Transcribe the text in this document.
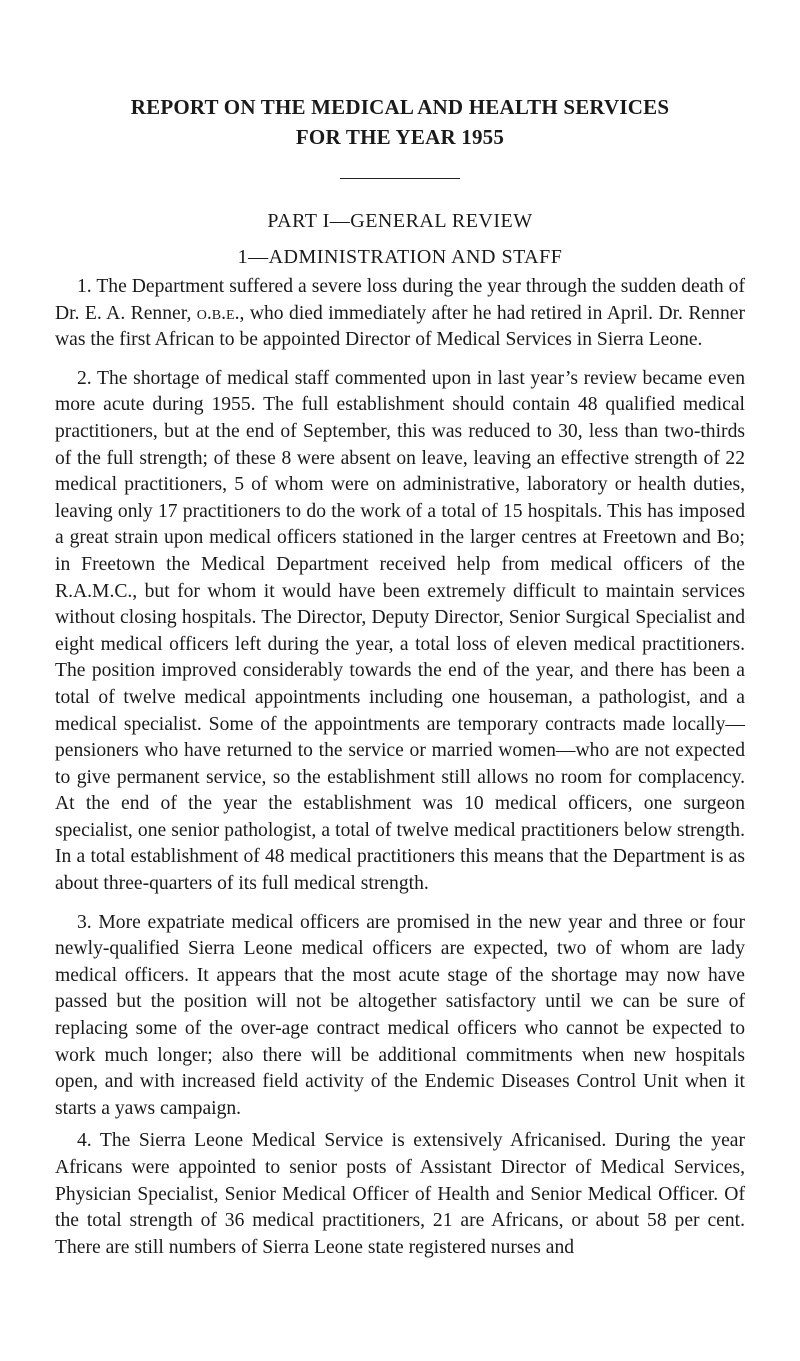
REPORT ON THE MEDICAL AND HEALTH SERVICES
FOR THE YEAR 1955
PART I—GENERAL REVIEW
1—ADMINISTRATION AND STAFF

1. The Department suffered a severe loss during the year through the sudden death of Dr. E. A. Renner, o.b.e., who died immediately after he had retired in April. Dr. Renner was the first African to be appointed Director of Medical Services in Sierra Leone.

2. The shortage of medical staff commented upon in last year’s review became even more acute during 1955. The full establishment should contain 48 qualified medical practitioners, but at the end of September, this was reduced to 30, less than two-thirds of the full strength; of these 8 were absent on leave, leaving an effective strength of 22 medical practitioners, 5 of whom were on administrative, laboratory or health duties, leaving only 17 practitioners to do the work of a total of 15 hospitals. This has imposed a great strain upon medical officers stationed in the larger centres at Freetown and Bo; in Freetown the Medical Department received help from medical officers of the R.A.M.C., but for whom it would have been extremely difficult to maintain services without closing hospitals. The Director, Deputy Director, Senior Surgical Specialist and eight medical officers left during the year, a total loss of eleven medical practitioners. The position improved considerably towards the end of the year, and there has been a total of twelve medical appointments including one houseman, a pathologist, and a medical specialist. Some of the appointments are temporary contracts made locally—pensioners who have returned to the service or married women—who are not expected to give permanent service, so the establishment still allows no room for complacency. At the end of the year the establishment was 10 medical officers, one surgeon specialist, one senior pathologist, a total of twelve medical practitioners below strength. In a total establishment of 48 medical practitioners this means that the Department is as about three-quarters of its full medical strength.

3. More expatriate medical officers are promised in the new year and three or four newly-qualified Sierra Leone medical officers are expected, two of whom are lady medical officers. It appears that the most acute stage of the shortage may now have passed but the position will not be altogether satisfactory until we can be sure of replacing some of the over-age contract medical officers who cannot be expected to work much longer; also there will be additional commitments when new hospitals open, and with increased field activity of the Endemic Diseases Control Unit when it starts a yaws campaign.

4. The Sierra Leone Medical Service is extensively Africanised. During the year Africans were appointed to senior posts of Assistant Director of Medical Services, Physician Specialist, Senior Medical Officer of Health and Senior Medical Officer. Of the total strength of 36 medical practitioners, 21 are Africans, or about 58 per cent. There are still numbers of Sierra Leone state registered nurses and
